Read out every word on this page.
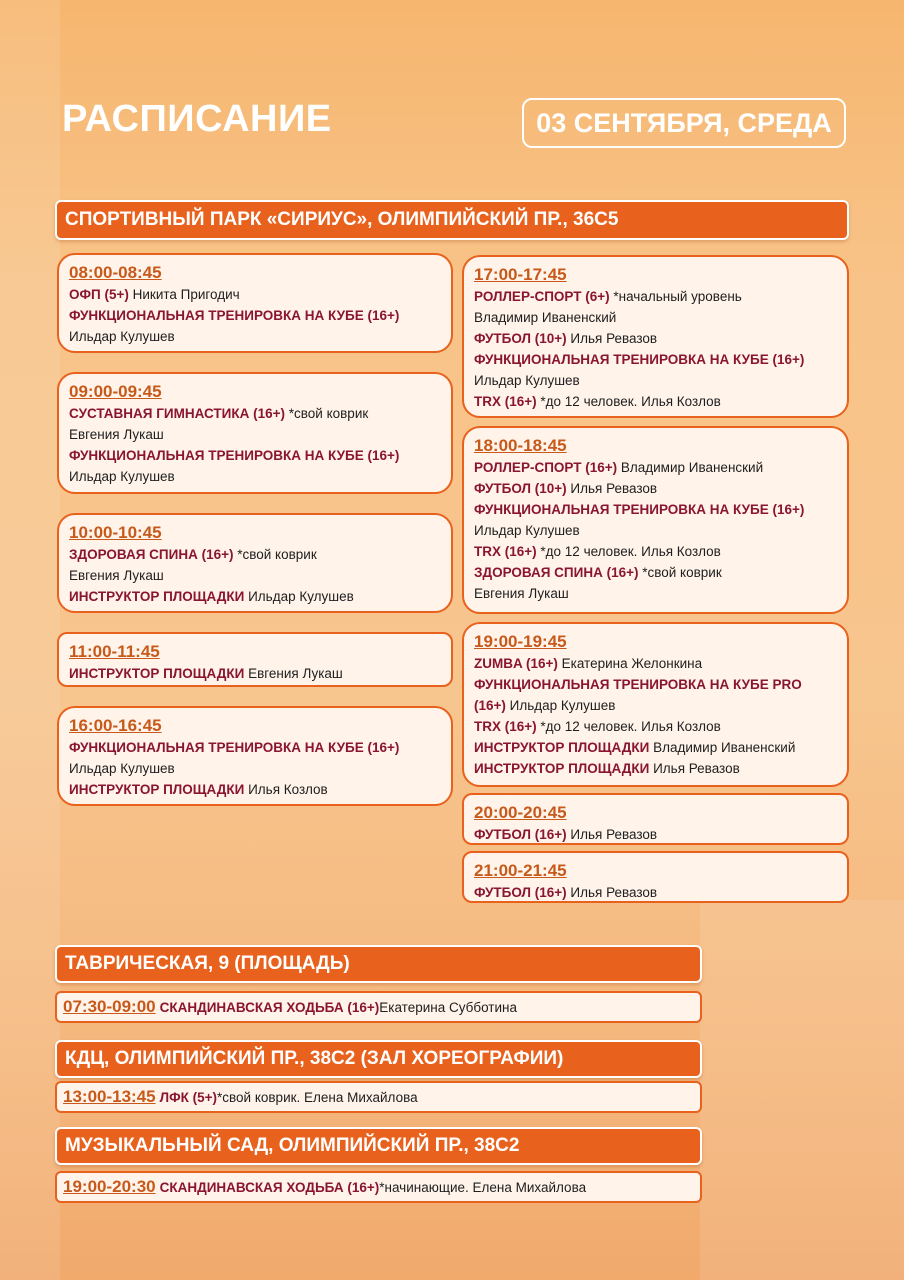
РАСПИСАНИЕ	03 СЕНТЯБРЯ, СРЕДА
СПОРТИВНЫЙ ПАРК «СИРИУС», ОЛИМПИЙСКИЙ ПР., 36С5
08:00-08:45
ОФП (5+) Никита Пригодич
ФУНКЦИОНАЛЬНАЯ ТРЕНИРОВКА НА КУБЕ (16+)
Ильдар Кулушев
09:00-09:45
СУСТАВНАЯ ГИМНАСТИКА (16+) *свой коврик
Евгения Лукаш
ФУНКЦИОНАЛЬНАЯ ТРЕНИРОВКА НА КУБЕ (16+)
Ильдар Кулушев
10:00-10:45
ЗДОРОВАЯ СПИНА (16+) *свой коврик
Евгения Лукаш
ИНСТРУКТОР ПЛОЩАДКИ Ильдар Кулушев
11:00-11:45
ИНСТРУКТОР ПЛОЩАДКИ Евгения Лукаш
16:00-16:45
ФУНКЦИОНАЛЬНАЯ ТРЕНИРОВКА НА КУБЕ (16+)
Ильдар Кулушев
ИНСТРУКТОР ПЛОЩАДКИ Илья Козлов
17:00-17:45
РОЛЛЕР-СПОРТ (6+) *начальный уровень
Владимир Иваненский
ФУТБОЛ (10+) Илья Ревазов
ФУНКЦИОНАЛЬНАЯ ТРЕНИРОВКА НА КУБЕ (16+)
Ильдар Кулушев
TRX (16+) *до 12 человек. Илья Козлов
18:00-18:45
РОЛЛЕР-СПОРТ (16+) Владимир Иваненский
ФУТБОЛ (10+) Илья Ревазов
ФУНКЦИОНАЛЬНАЯ ТРЕНИРОВКА НА КУБЕ (16+)
Ильдар Кулушев
TRX (16+) *до 12 человек. Илья Козлов
ЗДОРОВАЯ СПИНА (16+) *свой коврик
Евгения Лукаш
19:00-19:45
ZUMBA (16+) Екатерина Желонкина
ФУНКЦИОНАЛЬНАЯ ТРЕНИРОВКА НА КУБЕ PRO
(16+) Ильдар Кулушев
TRX (16+) *до 12 человек. Илья Козлов
ИНСТРУКТОР ПЛОЩАДКИ Владимир Иваненский
ИНСТРУКТОР ПЛОЩАДКИ Илья Ревазов
20:00-20:45
ФУТБОЛ (16+) Илья Ревазов
21:00-21:45
ФУТБОЛ (16+) Илья Ревазов
ТАВРИЧЕСКАЯ, 9 (ПЛОЩАДЬ)
07:30-09:00 СКАНДИНАВСКАЯ ХОДЬБА (16+) Екатерина Субботина
КДЦ, ОЛИМПИЙСКИЙ ПР., 38С2 (ЗАЛ ХОРЕОГРАФИИ)
13:00-13:45 ЛФК (5+) *свой коврик. Елена Михайлова
МУЗЫКАЛЬНЫЙ САД, ОЛИМПИЙСКИЙ ПР., 38С2
19:00-20:30 СКАНДИНАВСКАЯ ХОДЬБА (16+) *начинающие. Елена Михайлова
